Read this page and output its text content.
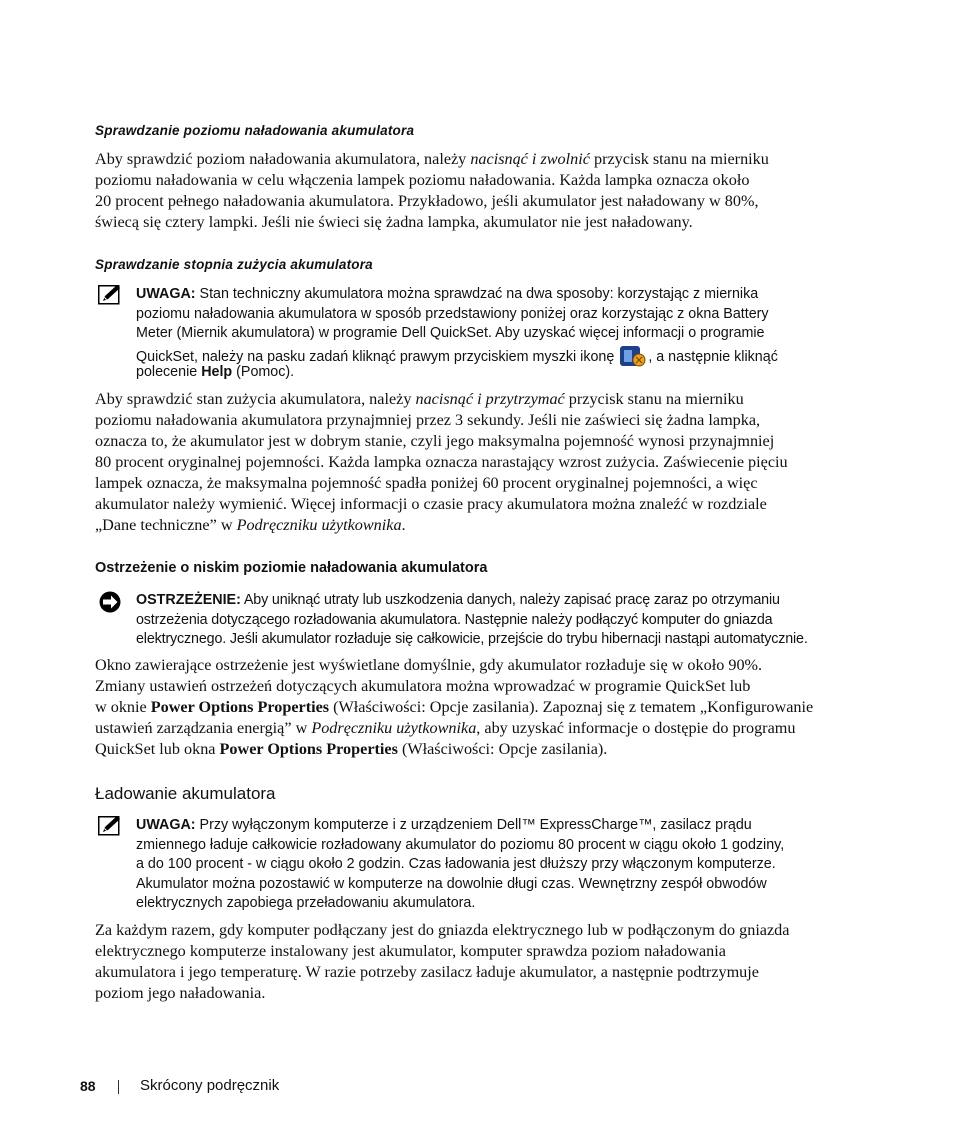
Sprawdzanie poziomu naładowania akumulatora
Aby sprawdzić poziom naładowania akumulatora, należy nacisnąć i zwolnić przycisk stanu na mierniku
poziomu naładowania w celu włączenia lampek poziomu naładowania. Każda lampka oznacza około
20 procent pełnego naładowania akumulatora. Przykładowo, jeśli akumulator jest naładowany w 80%,
świecą się cztery lampki. Jeśli nie świeci się żadna lampka, akumulator nie jest naładowany.
Sprawdzanie stopnia zużycia akumulatora
UWAGA: Stan techniczny akumulatora można sprawdzać na dwa sposoby: korzystając z miernika
poziomu naładowania akumulatora w sposób przedstawiony poniżej oraz korzystając z okna Battery
Meter (Miernik akumulatora) w programie Dell QuickSet. Aby uzyskać więcej informacji o programie
QuickSet, należy na pasku zadań kliknąć prawym przyciskiem myszki ikonę , a następnie kliknąć
polecenie Help (Pomoc).
Aby sprawdzić stan zużycia akumulatora, należy nacisnąć i przytrzymać przycisk stanu na mierniku
poziomu naładowania akumulatora przynajmniej przez 3 sekundy. Jeśli nie zaświeci się żadna lampka,
oznacza to, że akumulator jest w dobrym stanie, czyli jego maksymalna pojemność wynosi przynajmniej
80 procent oryginalnej pojemności. Każda lampka oznacza narastający wzrost zużycia. Zaświecenie pięciu
lampek oznacza, że maksymalna pojemność spadła poniżej 60 procent oryginalnej pojemności, a więc
akumulator należy wymienić. Więcej informacji o czasie pracy akumulatora można znaleźć w rozdziale
„Dane techniczne” w Podręczniku użytkownika.
Ostrzeżenie o niskim poziomie naładowania akumulatora
OSTRZEŻENIE: Aby uniknąć utraty lub uszkodzenia danych, należy zapisać pracę zaraz po otrzymaniu
ostrzeżenia dotyczącego rozładowania akumulatora. Następnie należy podłączyć komputer do gniazda
elektrycznego. Jeśli akumulator rozładuje się całkowicie, przejście do trybu hibernacji nastąpi automatycznie.
Okno zawierające ostrzeżenie jest wyświetlane domyślnie, gdy akumulator rozładuje się w około 90%.
Zmiany ustawień ostrzeżeń dotyczących akumulatora można wprowadzać w programie QuickSet lub
w oknie Power Options Properties (Właściwości: Opcje zasilania). Zapoznaj się z tematem „Konfigurowanie
ustawień zarządzania energią” w Podręczniku użytkownika, aby uzyskać informacje o dostępie do programu
QuickSet lub okna Power Options Properties (Właściwości: Opcje zasilania).
Ładowanie akumulatora
UWAGA: Przy wyłączonym komputerze i z urządzeniem Dell™ ExpressCharge™, zasilacz prądu
zmiennego ładuje całkowicie rozładowany akumulator do poziomu 80 procent w ciągu około 1 godziny,
a do 100 procent - w ciągu około 2 godzin. Czas ładowania jest dłuższy przy włączonym komputerze.
Akumulator można pozostawić w komputerze na dowolnie długi czas. Wewnętrzny zespół obwodów
elektrycznych zapobiega przeładowaniu akumulatora.
Za każdym razem, gdy komputer podłączany jest do gniazda elektrycznego lub w podłączonym do gniazda
elektrycznego komputerze instalowany jest akumulator, komputer sprawdza poziom naładowania
akumulatora i jego temperaturę. W razie potrzeby zasilacz ładuje akumulator, a następnie podtrzymuje
poziom jego naładowania.
88	Skrócony podręcznik
